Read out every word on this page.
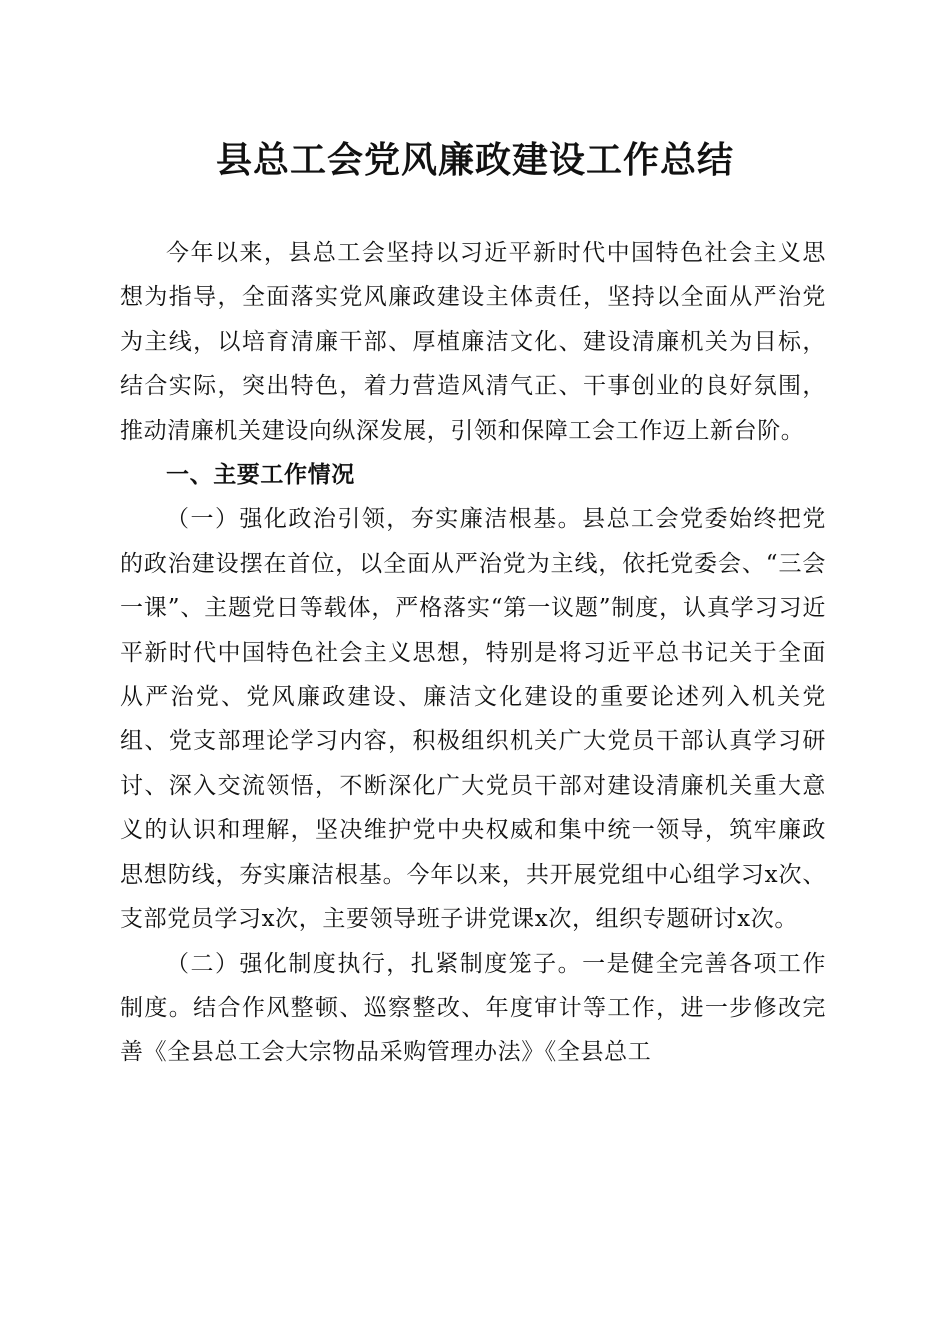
县总工会党风廉政建设工作总结

今年以来，县总工会坚持以习近平新时代中国特色社会主义思想为指导，全面落实党风廉政建设主体责任，坚持以全面从严治党为主线，以培育清廉干部、厚植廉洁文化、建设清廉机关为目标，结合实际，突出特色，着力营造风清气正、干事创业的良好氛围，推动清廉机关建设向纵深发展，引领和保障工会工作迈上新台阶。

一、主要工作情况

（一）强化政治引领，夯实廉洁根基。县总工会党委始终把党的政治建设摆在首位，以全面从严治党为主线，依托党委会、“三会一课”、主题党日等载体，严格落实“第一议题”制度，认真学习习近平新时代中国特色社会主义思想，特别是将习近平总书记关于全面从严治党、党风廉政建设、廉洁文化建设的重要论述列入机关党组、党支部理论学习内容，积极组织机关广大党员干部认真学习研讨、深入交流领悟，不断深化广大党员干部对建设清廉机关重大意义的认识和理解，坚决维护党中央权威和集中统一领导，筑牢廉政思想防线，夯实廉洁根基。今年以来，共开展党组中心组学习x次、支部党员学习x次，主要领导班子讲党课x次，组织专题研讨x次。

（二）强化制度执行，扎紧制度笼子。一是健全完善各项工作制度。结合作风整顿、巡察整改、年度审计等工作，进一步修改完善《全县总工会大宗物品采购管理办法》《全县总工
